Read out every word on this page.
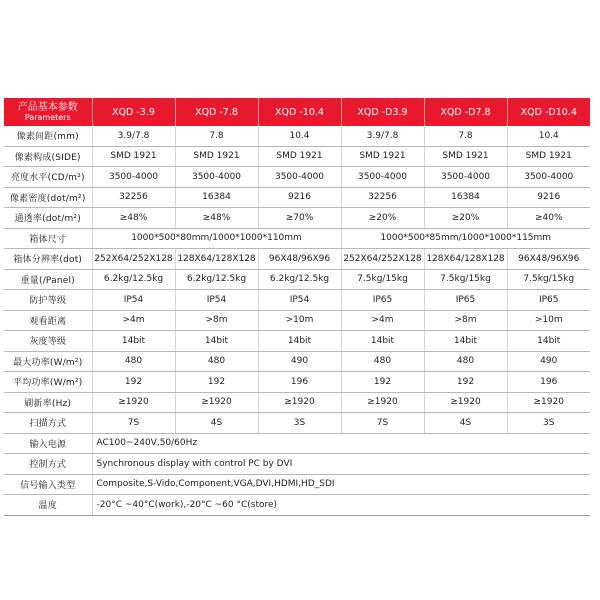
产品基本参数
Parameters	XQD -3.9	XQD -7.8	XQD -10.4	XQD -D3.9	XQD -D7.8	XQD -D10.4
像素间距(mm)	3.9/7.8	7.8	10.4	3.9/7.8	7.8	10.4
像素构成(SIDE)	SMD 1921	SMD 1921	SMD 1921	SMD 1921	SMD 1921	SMD 1921
亮度水平(CD/m²)	3500-4000	3500-4000	3500-4000	3500-4000	3500-4000	3500-4000
像素密度(dot/m²)	32256	16384	9216	32256	16384	9216
通透率(dot/m²)	≥48%	≥48%	≥70%	≥20%	≥20%	≥40%
箱体尺寸	1000*500*80mm/1000*1000*110mm			1000*500*85mm/1000*1000*115mm		
箱体分辨率(dot)	252X64/252X128	128X64/128X128	96X48/96X96	252X64/252X128	128X64/128X128	96X48/96X96
重量(/Panel)	6.2kg/12.5kg	6.2kg/12.5kg	6.2kg/12.5kg	7.5kg/15kg	7.5kg/15kg	7.5kg/15kg
防护等级	IP54	IP54	IP54	IP65	IP65	IP65
观看距离	>4m	>8m	>10m	>4m	>8m	>10m
灰度等级	14bit	14bit	14bit	14bit	14bit	14bit
最大功率(W/m²)	480	480	490	480	480	490
平均功率(W/m²)	192	192	196	192	192	196
刷新率(Hz)	≥1920	≥1920	≥1920	≥1920	≥1920	≥1920
扫描方式	7S	4S	3S	7S	4S	3S
输入电源	AC100~240V,50/60Hz					
控制方式	Synchronous display with control PC by DVI					
信号输入类型	Composite,S-Vido,Component,VGA,DVI,HDMI,HD_SDI					
温度	-20°C ~40°C(work),-20°C ~60 °C(store)					
